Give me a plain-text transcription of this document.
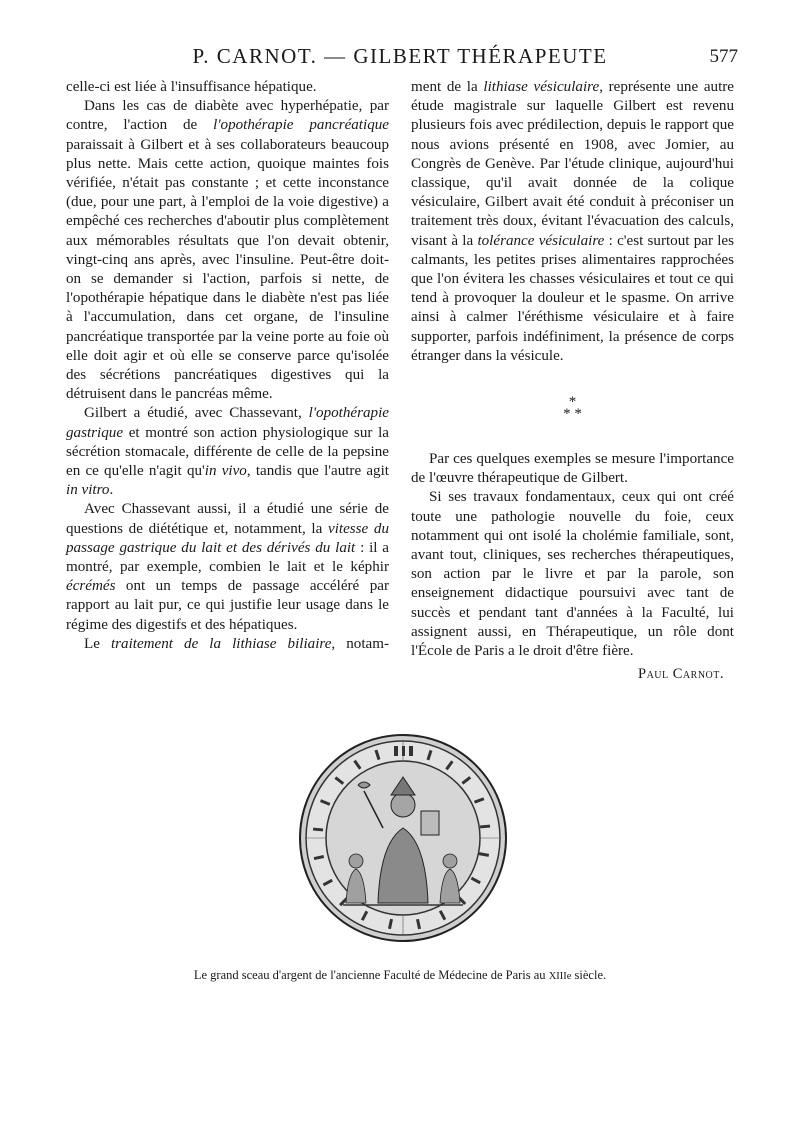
P. CARNOT. — GILBERT THÉRAPEUTE	577

celle-ci est liée à l'insuffisance hépatique.

Dans les cas de diabète avec hyperhépatie, par contre, l'action de l'opothérapie pancréatique paraissait à Gilbert et à ses collaborateurs beaucoup plus nette. Mais cette action, quoique maintes fois vérifiée, n'était pas constante ; et cette inconstance (due, pour une part, à l'emploi de la voie digestive) a empêché ces recherches d'aboutir plus complètement aux mémorables résultats que l'on devait obtenir, vingt-cinq ans après, avec l'insuline. Peut-être doit-on se demander si l'action, parfois si nette, de l'opothérapie hépatique dans le diabète n'est pas liée à l'accumulation, dans cet organe, de l'insuline pancréatique transportée par la veine porte au foie où elle doit agir et où elle se conserve parce qu'isolée des sécrétions pancréatiques digestives qui la détruisent dans le pancréas même.

Gilbert a étudié, avec Chassevant, l'opothérapie gastrique et montré son action physiologique sur la sécrétion stomacale, différente de celle de la pepsine en ce qu'elle n'agit qu'in vivo, tandis que l'autre agit in vitro.

Avec Chassevant aussi, il a étudié une série de questions de diététique et, notamment, la vitesse du passage gastrique du lait et des dérivés du lait : il a montré, par exemple, combien le lait et le képhir écrémés ont un temps de passage accéléré par rapport au lait pur, ce qui justifie leur usage dans le régime des digestifs et des hépatiques.

Le traitement de la lithiase biliaire, notam-

ment de la lithiase vésiculaire, représente une autre étude magistrale sur laquelle Gilbert est revenu plusieurs fois avec prédilection, depuis le rapport que nous avions présenté en 1908, avec Jomier, au Congrès de Genève. Par l'étude clinique, aujourd'hui classique, qu'il avait donnée de la colique vésiculaire, Gilbert avait été conduit à préconiser un traitement très doux, évitant l'évacuation des calculs, visant à la tolérance vésiculaire : c'est surtout par les calmants, les petites prises alimentaires rapprochées que l'on évitera les chasses vésiculaires et tout ce qui tend à provoquer la douleur et le spasme. On arrive ainsi à calmer l'éréthisme vésiculaire et à faire supporter, parfois indéfiniment, la présence de corps étranger dans la vésicule.

*
* *

Par ces quelques exemples se mesure l'importance de l'œuvre thérapeutique de Gilbert.

Si ses travaux fondamentaux, ceux qui ont créé toute une pathologie nouvelle du foie, ceux notamment qui ont isolé la cholémie familiale, sont, avant tout, cliniques, ses recherches thérapeutiques, son action par le livre et par la parole, son enseignement didactique poursuivi avec tant de succès et pendant tant d'années à la Faculté, lui assignent aussi, en Thérapeutique, un rôle dont l'École de Paris a le droit d'être fière.

Paul Carnot.
Le grand sceau d'argent de l'ancienne Faculté de Médecine de Paris au XIIIe siècle.
